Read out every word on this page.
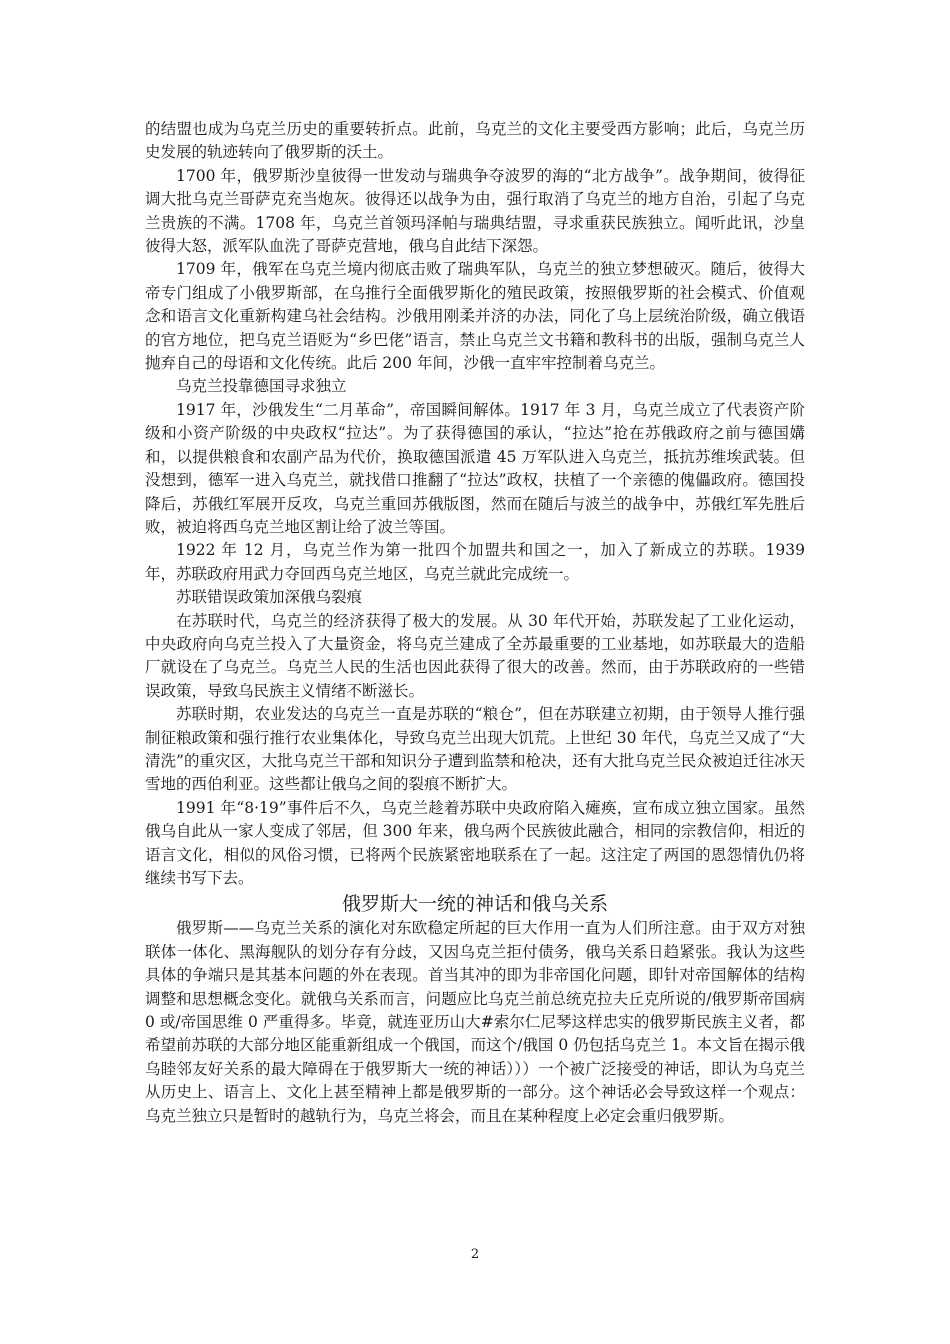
的结盟也成为乌克兰历史的重要转折点。此前，乌克兰的文化主要受西方影响；此后，乌克兰历史发展的轨迹转向了俄罗斯的沃土。

1700 年，俄罗斯沙皇彼得一世发动与瑞典争夺波罗的海的“北方战争”。战争期间，彼得征调大批乌克兰哥萨克充当炮灰。彼得还以战争为由，强行取消了乌克兰的地方自治，引起了乌克兰贵族的不满。1708 年，乌克兰首领玛泽帕与瑞典结盟，寻求重获民族独立。闻听此讯，沙皇彼得大怒，派军队血洗了哥萨克营地，俄乌自此结下深怨。

1709 年，俄军在乌克兰境内彻底击败了瑞典军队，乌克兰的独立梦想破灭。随后，彼得大帝专门组成了小俄罗斯部，在乌推行全面俄罗斯化的殖民政策，按照俄罗斯的社会模式、价值观念和语言文化重新构建乌社会结构。沙俄用刚柔并济的办法，同化了乌上层统治阶级，确立俄语的官方地位，把乌克兰语贬为“乡巴佬”语言，禁止乌克兰文书籍和教科书的出版，强制乌克兰人抛弃自己的母语和文化传统。此后 200 年间，沙俄一直牢牢控制着乌克兰。

乌克兰投靠德国寻求独立

1917 年，沙俄发生“二月革命”，帝国瞬间解体。1917 年 3 月，乌克兰成立了代表资产阶级和小资产阶级的中央政权“拉达”。为了获得德国的承认，“拉达”抢在苏俄政府之前与德国媾和，以提供粮食和农副产品为代价，换取德国派遣 45 万军队进入乌克兰，抵抗苏维埃武装。但没想到，德军一进入乌克兰，就找借口推翻了“拉达”政权，扶植了一个亲德的傀儡政府。德国投降后，苏俄红军展开反攻，乌克兰重回苏俄版图，然而在随后与波兰的战争中，苏俄红军先胜后败，被迫将西乌克兰地区割让给了波兰等国。

1922 年 12 月，乌克兰作为第一批四个加盟共和国之一，加入了新成立的苏联。1939 年，苏联政府用武力夺回西乌克兰地区，乌克兰就此完成统一。

苏联错误政策加深俄乌裂痕

在苏联时代，乌克兰的经济获得了极大的发展。从 30 年代开始，苏联发起了工业化运动，中央政府向乌克兰投入了大量资金，将乌克兰建成了全苏最重要的工业基地，如苏联最大的造船厂就设在了乌克兰。乌克兰人民的生活也因此获得了很大的改善。然而，由于苏联政府的一些错误政策，导致乌民族主义情绪不断滋长。

苏联时期，农业发达的乌克兰一直是苏联的“粮仓”，但在苏联建立初期，由于领导人推行强制征粮政策和强行推行农业集体化，导致乌克兰出现大饥荒。上世纪 30 年代，乌克兰又成了“大清洗”的重灾区，大批乌克兰干部和知识分子遭到监禁和枪决，还有大批乌克兰民众被迫迁往冰天雪地的西伯利亚。这些都让俄乌之间的裂痕不断扩大。

1991 年“8·19”事件后不久，乌克兰趁着苏联中央政府陷入瘫痪，宣布成立独立国家。虽然俄乌自此从一家人变成了邻居，但 300 年来，俄乌两个民族彼此融合，相同的宗教信仰，相近的语言文化，相似的风俗习惯，已将两个民族紧密地联系在了一起。这注定了两国的恩怨情仇仍将继续书写下去。

俄罗斯大一统的神话和俄乌关系

俄罗斯——乌克兰关系的演化对东欧稳定所起的巨大作用一直为人们所注意。由于双方对独联体一体化、黑海舰队的划分存有分歧，又因乌克兰拒付债务，俄乌关系日趋紧张。我认为这些具体的争端只是其基本问题的外在表现。首当其冲的即为非帝国化问题，即针对帝国解体的结构调整和思想概念变化。就俄乌关系而言，问题应比乌克兰前总统克拉夫丘克所说的/俄罗斯帝国病 0 或/帝国思维 0 严重得多。毕竟，就连亚历山大#索尔仁尼琴这样忠实的俄罗斯民族主义者，都希望前苏联的大部分地区能重新组成一个俄国，而这个/俄国 0 仍包括乌克兰 1。本文旨在揭示俄乌睦邻友好关系的最大障碍在于俄罗斯大一统的神话）））一个被广泛接受的神话，即认为乌克兰从历史上、语言上、文化上甚至精神上都是俄罗斯的一部分。这个神话必会导致这样一个观点：乌克兰独立只是暂时的越轨行为，乌克兰将会，而且在某种程度上必定会重归俄罗斯。

2
